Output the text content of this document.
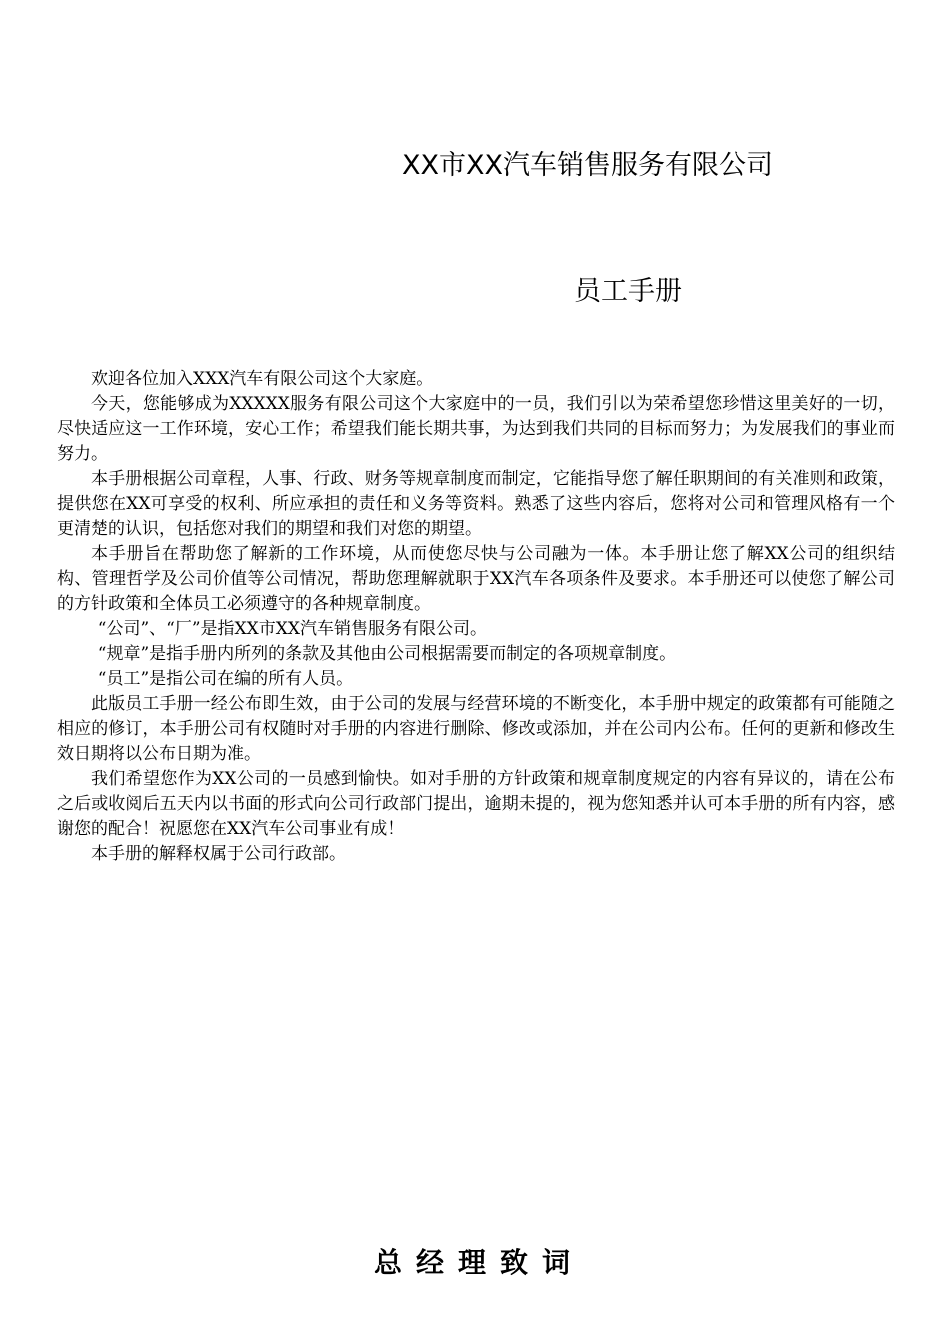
XX市XX汽车销售服务有限公司
员工手册

欢迎各位加入XXX汽车有限公司这个大家庭。

今天，您能够成为XXXXX服务有限公司这个大家庭中的一员，我们引以为荣希望您珍惜这里美好的一切，尽快适应这一工作环境，安心工作；希望我们能长期共事，为达到我们共同的目标而努力；为发展我们的事业而努力。

本手册根据公司章程，人事、行政、财务等规章制度而制定，它能指导您了解任职期间的有关准则和政策，提供您在XX可享受的权利、所应承担的责任和义务等资料。熟悉了这些内容后，您将对公司和管理风格有一个更清楚的认识，包括您对我们的期望和我们对您的期望。

本手册旨在帮助您了解新的工作环境，从而使您尽快与公司融为一体。本手册让您了解XX公司的组织结构、管理哲学及公司价值等公司情况，帮助您理解就职于XX汽车各项条件及要求。本手册还可以使您了解公司的方针政策和全体员工必须遵守的各种规章制度。

“公司”、“厂”是指XX市XX汽车销售服务有限公司。

“规章”是指手册内所列的条款及其他由公司根据需要而制定的各项规章制度。

“员工”是指公司在编的所有人员。

此版员工手册一经公布即生效，由于公司的发展与经营环境的不断变化，本手册中规定的政策都有可能随之相应的修订，本手册公司有权随时对手册的内容进行删除、修改或添加，并在公司内公布。任何的更新和修改生效日期将以公布日期为准。

我们希望您作为XX公司的一员感到愉快。如对手册的方针政策和规章制度规定的内容有异议的，请在公布之后或收阅后五天内以书面的形式向公司行政部门提出，逾期未提的，视为您知悉并认可本手册的所有内容，感谢您的配合！祝愿您在XX汽车公司事业有成！

本手册的解释权属于公司行政部。

总经理致词
